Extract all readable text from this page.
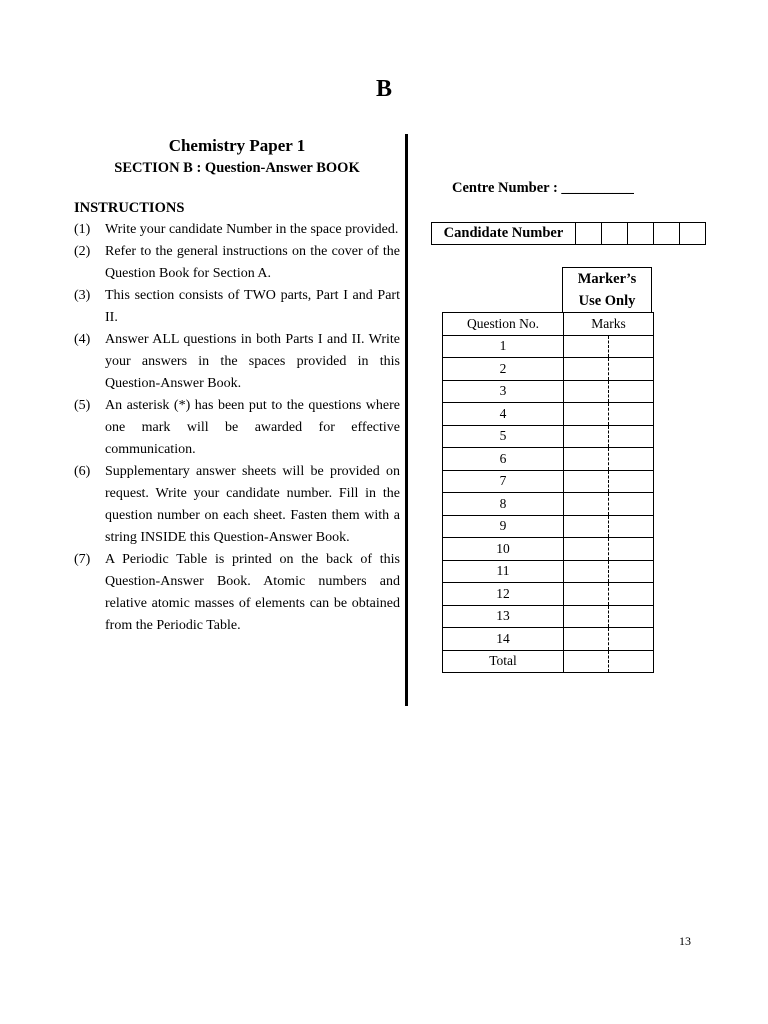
B
Chemistry Paper 1
SECTION B : Question-Answer BOOK
INSTRUCTIONS
(1)	Write your candidate Number in the space provided.
(2)	Refer to the general instructions on the cover of the Question Book for Section A.
(3)	This section consists of TWO parts, Part I and Part II.
(4)	Answer ALL questions in both Parts I and II. Write your answers in the spaces provided in this Question-Answer Book.
(5)	An asterisk (*) has been put to the questions where one mark will be awarded for effective communication.
(6)	Supplementary answer sheets will be provided on request. Write your candidate number. Fill in the question number on each sheet. Fasten them with a string INSIDE this Question-Answer Book.
(7)	A Periodic Table is printed on the back of this Question-Answer Book. Atomic numbers and relative atomic masses of elements can be obtained from the Periodic Table.
Centre Number : __________
Candidate Number					
Marker’s
Use Only
Question No.	Marks	
1		
2		
3		
4		
5		
6		
7		
8		
9		
10		
11		
12		
13		
14		
Total		
13
